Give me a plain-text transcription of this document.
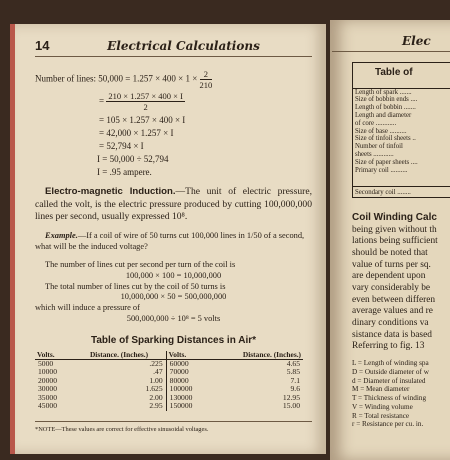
14	Electrical Calculations
Number of lines: $50,000 = 1.257 \times 400 \times 1 \times \frac{2}{210}$
= $\frac{210 \times 1.257 \times 400 \times I}{2}$
= 105 × 1.257 × 400 × I
= 42,000 × 1.257 × I
= 52,794 × I
I = 50,000 ÷ 52,794
I = .95 ampere.

Electro-magnetic Induction.—The unit of electric pressure, called the volt, is the electric pressure produced by cutting 100,000,000 lines per second, usually expressed 10⁸.

Example.—If a coil of wire of 50 turns cut 100,000 lines in 1/50 of a second, what will be the induced voltage?

The number of lines cut per second per turn of the coil is
100,000 × 100 = 10,000,000
The total number of lines cut by the coil of 50 turns is
10,000,000 × 50 = 500,000,000
which will induce a pressure of
500,000,000 ÷ 10⁸ = 5 volts
Table of Sparking Distances in Air*
Volts.	Distance. (Inches.)	Volts.	Distance. (Inches.)
5000	.225	60000	4.65
10000	.47	70000	5.85
20000	1.00	80000	7.1
30000	1.625	100000	9.6
35000	2.00	130000	12.95
45000	2.95	150000	15.00
*NOTE—These values are correct for effective sinusoidal voltages.
Elec
Table of
Length of spark .......
Size of bobbin ends ....
Length of bobbin .......
Length and diameter
of core ............
Size of base ..........
Size of tinfoil sheets ..
Number of tinfoil
sheets ............
Size of paper sheets ....
Primary coil ..........
Secondary coil ........
Coil Winding Calc
being given without th
lations being sufficient
should be noted that
value of turns per sq.
are dependent upon
vary considerably be
even between differen
average values and re
dinary conditions va
sistance data is based
Referring to fig. 13
L = Length of winding spa
D = Outside diameter of w
d = Diameter of insulated
M = Mean diameter
T = Thickness of winding
V = Winding volume
R = Total resistance
r = Resistance per cu. in.
